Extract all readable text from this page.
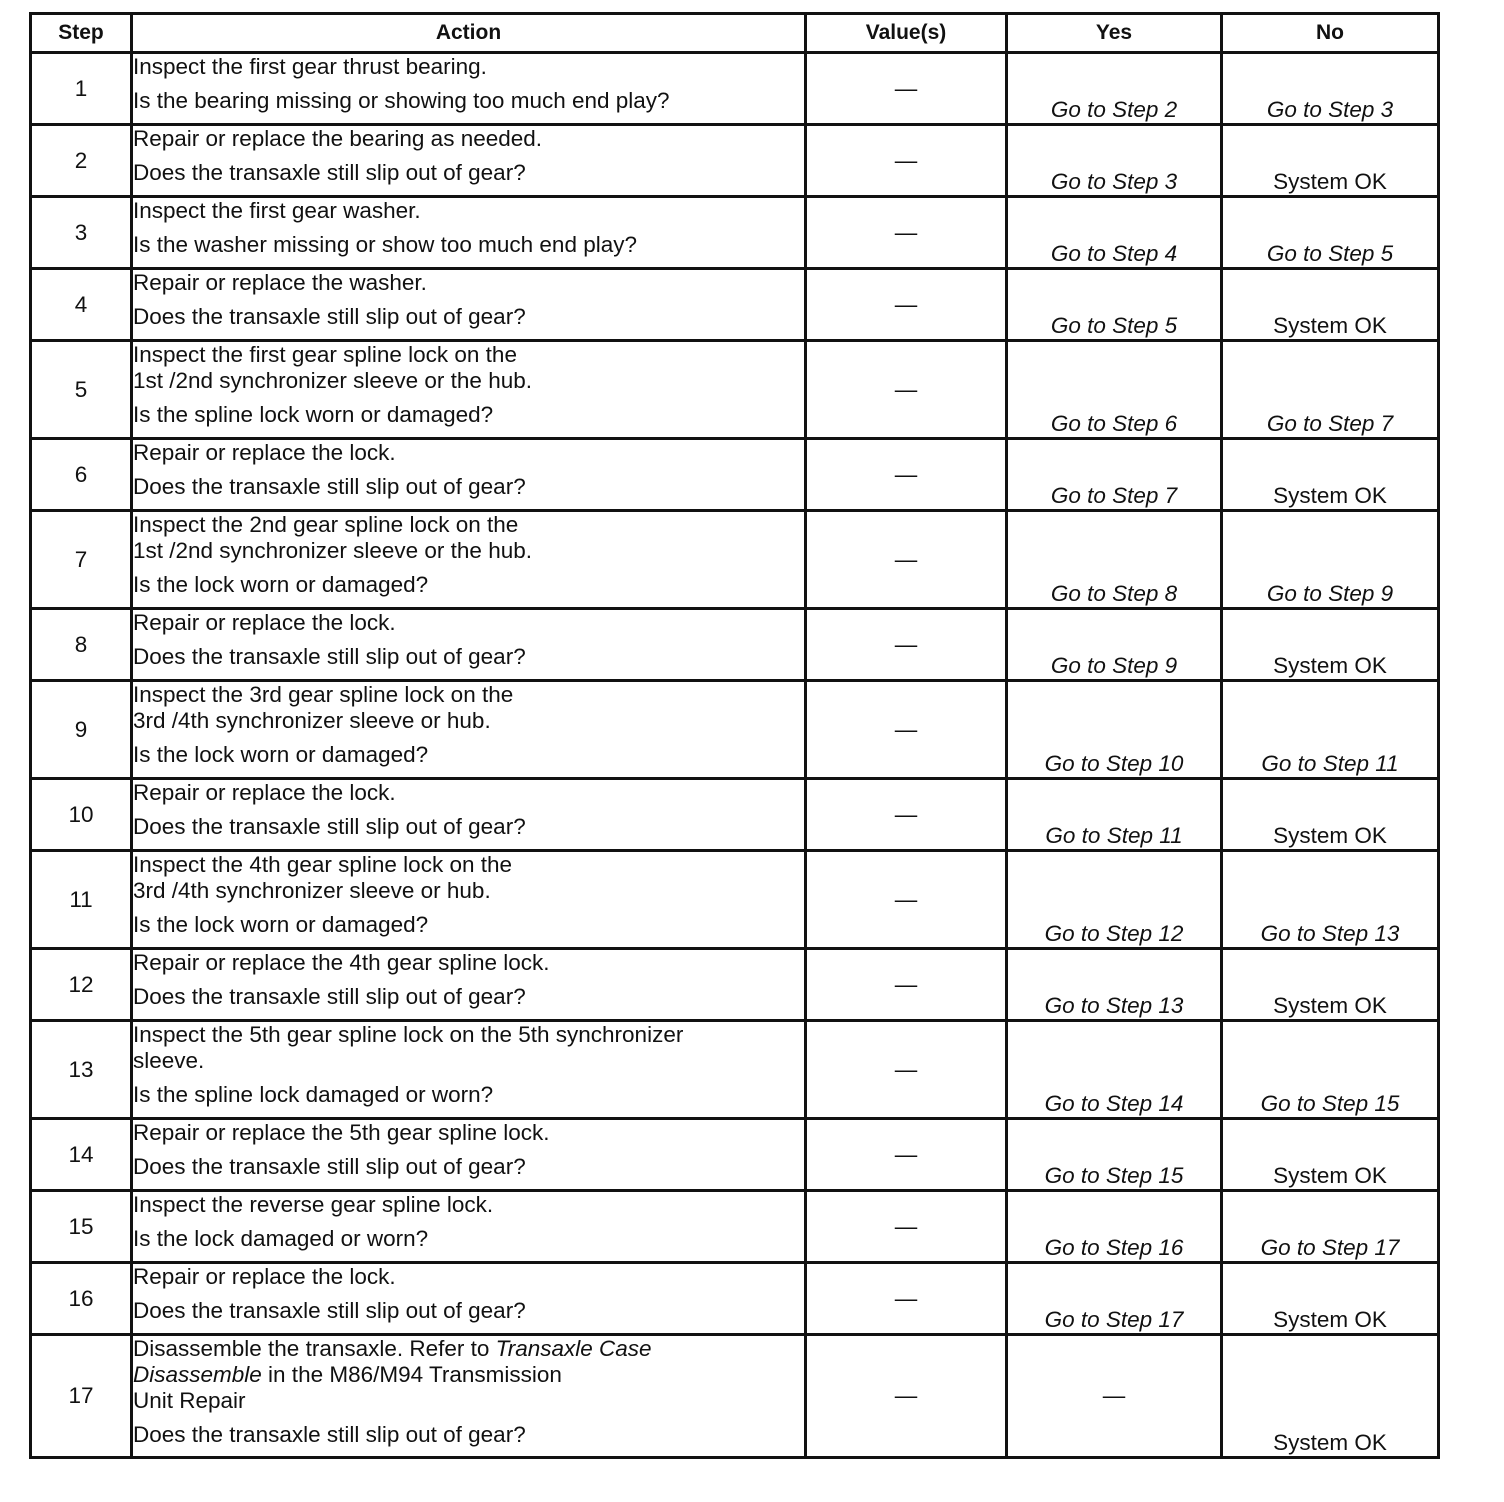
Step	Action	Value(s)	Yes	No
1	Inspect the first gear thrust bearing.
Is the bearing missing or showing too much end play?	—	Go to Step 2	Go to Step 3
2	Repair or replace the bearing as needed.
Does the transaxle still slip out of gear?	—	Go to Step 3	System OK
3	Inspect the first gear washer.
Is the washer missing or show too much end play?	—	Go to Step 4	Go to Step 5
4	Repair or replace the washer.
Does the transaxle still slip out of gear?	—	Go to Step 5	System OK
5	Inspect the first gear spline lock on the
1st /2nd synchronizer sleeve or the hub.
Is the spline lock worn or damaged?	—	Go to Step 6	Go to Step 7
6	Repair or replace the lock.
Does the transaxle still slip out of gear?	—	Go to Step 7	System OK
7	Inspect the 2nd gear spline lock on the
1st /2nd synchronizer sleeve or the hub.
Is the lock worn or damaged?	—	Go to Step 8	Go to Step 9
8	Repair or replace the lock.
Does the transaxle still slip out of gear?	—	Go to Step 9	System OK
9	Inspect the 3rd gear spline lock on the
3rd /4th synchronizer sleeve or hub.
Is the lock worn or damaged?	—	Go to Step 10	Go to Step 11
10	Repair or replace the lock.
Does the transaxle still slip out of gear?	—	Go to Step 11	System OK
11	Inspect the 4th gear spline lock on the
3rd /4th synchronizer sleeve or hub.
Is the lock worn or damaged?	—	Go to Step 12	Go to Step 13
12	Repair or replace the 4th gear spline lock.
Does the transaxle still slip out of gear?	—	Go to Step 13	System OK
13	Inspect the 5th gear spline lock on the 5th synchronizer
sleeve.
Is the spline lock damaged or worn?	—	Go to Step 14	Go to Step 15
14	Repair or replace the 5th gear spline lock.
Does the transaxle still slip out of gear?	—	Go to Step 15	System OK
15	Inspect the reverse gear spline lock.
Is the lock damaged or worn?	—	Go to Step 16	Go to Step 17
16	Repair or replace the lock.
Does the transaxle still slip out of gear?	—	Go to Step 17	System OK
17	Disassemble the transaxle. Refer to Transaxle Case
Disassemble in the M86/M94 Transmission
Unit Repair
Does the transaxle still slip out of gear?	—	—	System OK
